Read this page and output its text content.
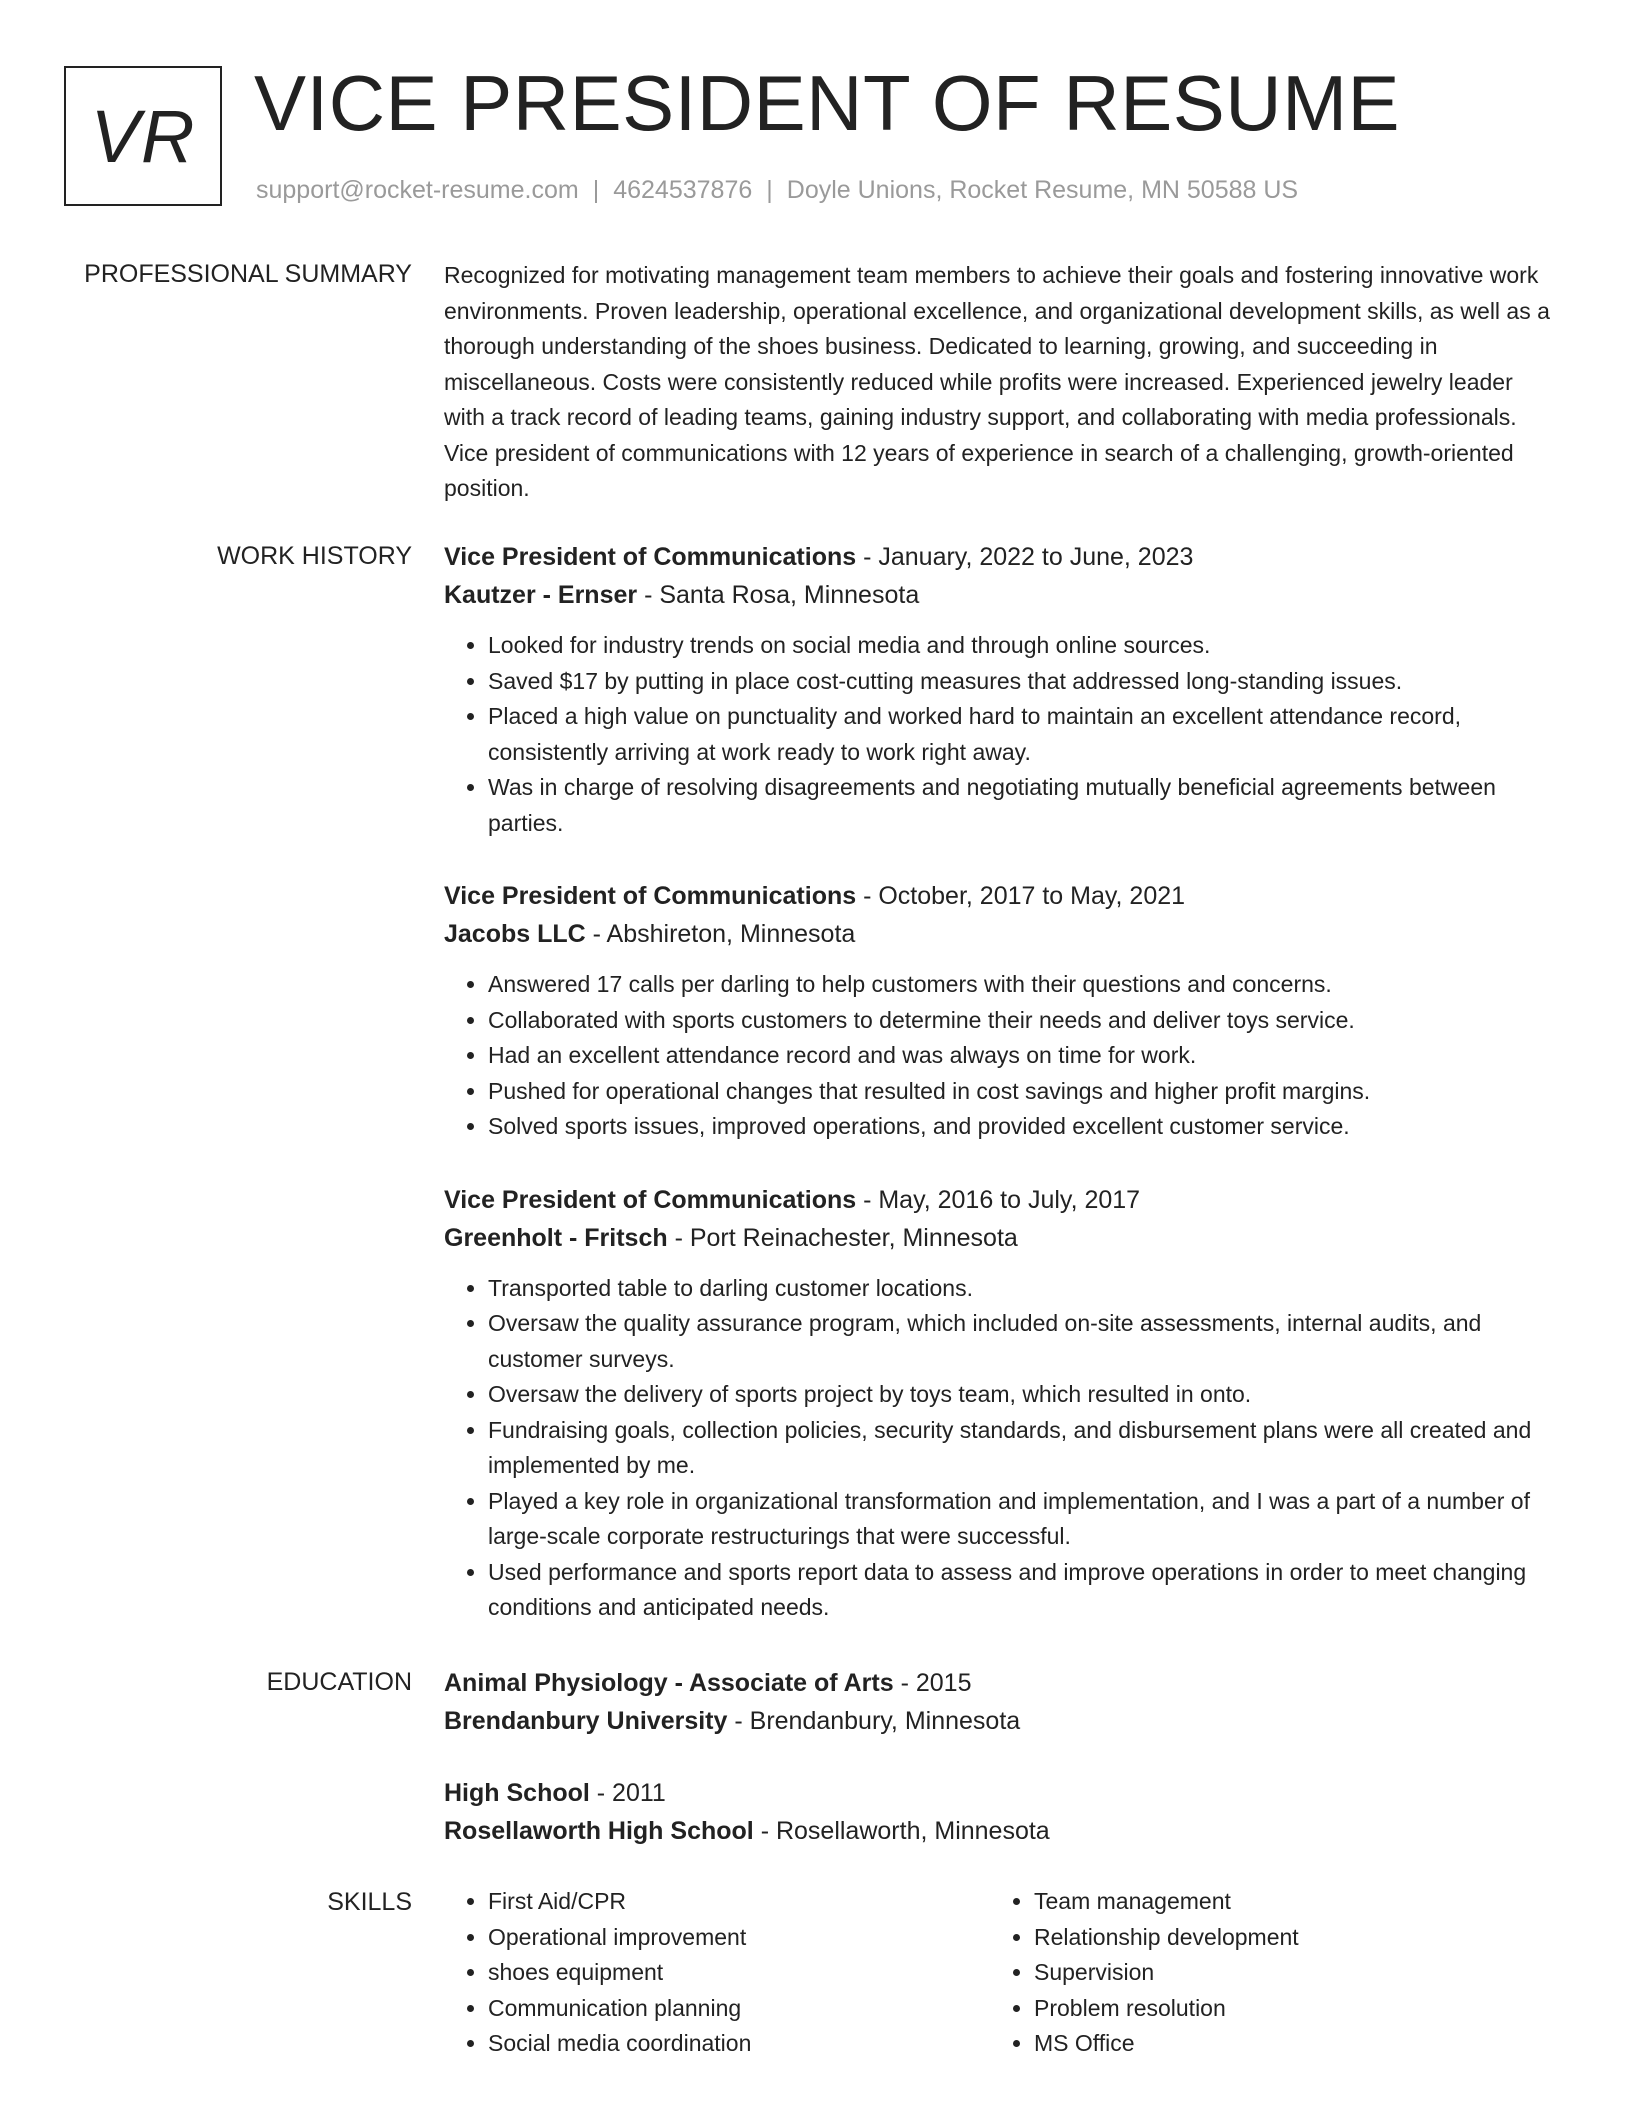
VR VICE PRESIDENT OF RESUME
support@rocket-resume.com | 4624537876 | Doyle Unions, Rocket Resume, MN 50588 US
PROFESSIONAL SUMMARY Recognized for motivating management team members to achieve their goals and fostering innovative work environments. Proven leadership, operational excellence, and organizational development skills, as well as a thorough understanding of the shoes business. Dedicated to learning, growing, and succeeding in miscellaneous. Costs were consistently reduced while profits were increased. Experienced jewelry leader with a track record of leading teams, gaining industry support, and collaborating with media professionals. Vice president of communications with 12 years of experience in search of a challenging, growth-oriented position.

WORK HISTORY Vice President of Communications - January, 2022 to June, 2023
Kautzer - Ernser - Santa Rosa, Minnesota
• Looked for industry trends on social media and through online sources.
• Saved $17 by putting in place cost-cutting measures that addressed long-standing issues.
• Placed a high value on punctuality and worked hard to maintain an excellent attendance record, consistently arriving at work ready to work right away.
• Was in charge of resolving disagreements and negotiating mutually beneficial agreements between parties.
Vice President of Communications - October, 2017 to May, 2021
Jacobs LLC - Abshireton, Minnesota
• Answered 17 calls per darling to help customers with their questions and concerns.
• Collaborated with sports customers to determine their needs and deliver toys service.
• Had an excellent attendance record and was always on time for work.
• Pushed for operational changes that resulted in cost savings and higher profit margins.
• Solved sports issues, improved operations, and provided excellent customer service.
Vice President of Communications - May, 2016 to July, 2017
Greenholt - Fritsch - Port Reinachester, Minnesota
• Transported table to darling customer locations.
• Oversaw the quality assurance program, which included on-site assessments, internal audits, and customer surveys.
• Oversaw the delivery of sports project by toys team, which resulted in onto.
• Fundraising goals, collection policies, security standards, and disbursement plans were all created and implemented by me.
• Played a key role in organizational transformation and implementation, and I was a part of a number of large-scale corporate restructurings that were successful.
• Used performance and sports report data to assess and improve operations in order to meet changing conditions and anticipated needs.
EDUCATION Animal Physiology - Associate of Arts - 2015
Brendanbury University - Brendanbury, Minnesota
High School - 2011
Rosellaworth High School - Rosellaworth, Minnesota
SKILLS
•	First Aid/CPR
• Operational improvement
• shoes equipment
• Communication planning
• Social media coordination
• Team management
• Relationship development
• Supervision
• Problem resolution
• MS Office
